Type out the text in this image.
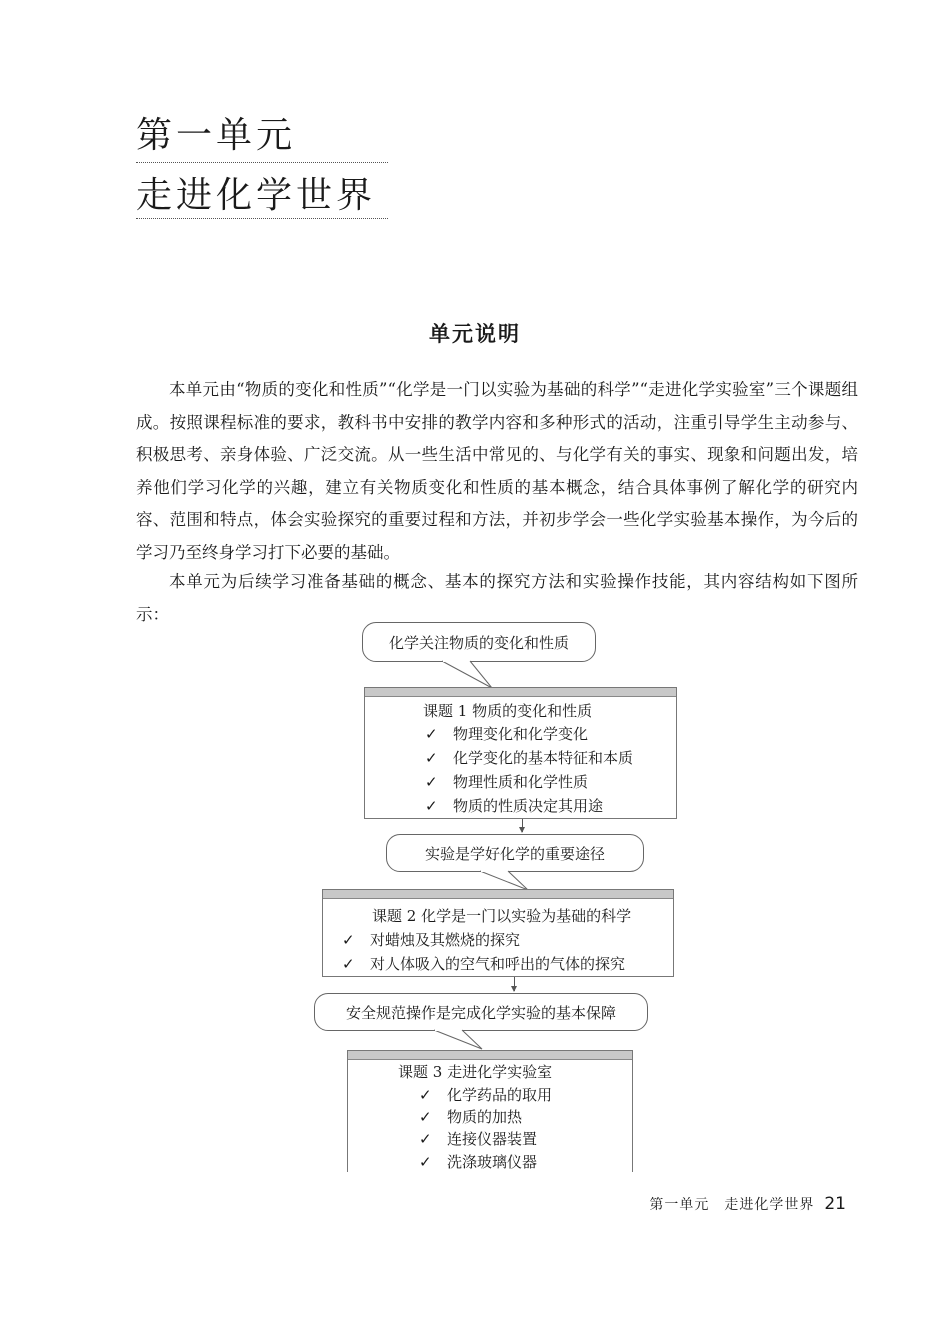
第一单元
走进化学世界
单元说明

本单元由“物质的变化和性质”“化学是一门以实验为基础的科学”“走进化学实验室”三个课题组成。按照课程标准的要求，教科书中安排的教学内容和多种形式的活动，注重引导学生主动参与、积极思考、亲身体验、广泛交流。从一些生活中常见的、与化学有关的事实、现象和问题出发，培养他们学习化学的兴趣，建立有关物质变化和性质的基本概念，结合具体事例了解化学的研究内容、范围和特点，体会实验探究的重要过程和方法，并初步学会一些化学实验基本操作，为今后的学习乃至终身学习打下必要的基础。

本单元为后续学习准备基础的概念、基本的探究方法和实验操作技能，其内容结构如下图所示：

化学关注物质的变化和性质
课题 1 物质的变化和性质
✓ 物理变化和化学变化
✓ 化学变化的基本特征和本质
✓ 物理性质和化学性质
✓ 物质的性质决定其用途
实验是学好化学的重要途径
课题 2 化学是一门以实验为基础的科学
✓ 对蜡烛及其燃烧的探究
✓ 对人体吸入的空气和呼出的气体的探究
安全规范操作是完成化学实验的基本保障
课题 3 走进化学实验室
✓ 化学药品的取用
✓ 物质的加热
✓ 连接仪器装置
✓ 洗涤玻璃仪器
第一单元　走进化学世界 21
